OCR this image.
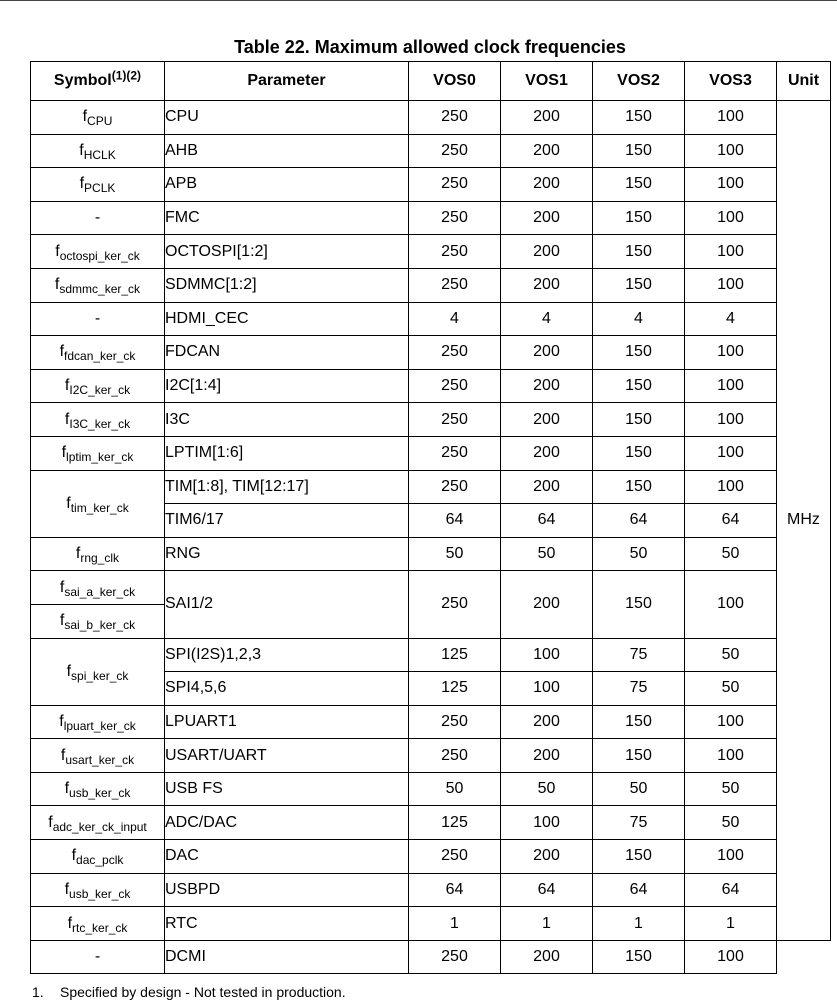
Table 22. Maximum allowed clock frequencies
Symbol$^{(1)(2)}$	Parameter	VOS0	VOS1	VOS2	VOS3	Unit
$f_{CPU}$	CPU	250	200	150	100	MHz
$f_{HCLK}$	AHB	250	200	150	100	
$f_{PCLK}$	APB	250	200	150	100	
-	FMC	250	200	150	100	
$f_{octospi\_ker\_ck}$	OCTOSPI[1:2]	250	200	150	100	
$f_{sdmmc\_ker\_ck}$	SDMMC[1:2]	250	200	150	100	
-	HDMI_CEC	4	4	4	4	
$f_{fdcan\_ker\_ck}$	FDCAN	250	200	150	100	
$f_{I2C\_ker\_ck}$	I2C[1:4]	250	200	150	100	
$f_{I3C\_ker\_ck}$	I3C	250	200	150	100	
$f_{lptim\_ker\_ck}$	LPTIM[1:6]	250	200	150	100	
$f_{tim\_ker\_ck}$	TIM[1:8], TIM[12:17]	250	200	150	100	
	TIM6/17	64	64	64	64	
$f_{rng\_clk}$	RNG	50	50	50	50	
$f_{sai\_a\_ker\_ck}$	SAI1/2	250	200	150	100	
$f_{sai\_b\_ker\_ck}$
$f_{spi\_ker\_ck}$	SPI(I2S)1,2,3	125	100	75	50	
	SPI4,5,6	125	100	75	50	
$f_{lpuart\_ker\_ck}$	LPUART1	250	200	150	100	
$f_{usart\_ker\_ck}$	USART/UART	250	200	150	100	
$f_{usb\_ker\_ck}$	USB FS	50	50	50	50	
$f_{adc\_ker\_ck\_input}$	ADC/DAC	125	100	75	50	
$f_{dac\_pclk}$	DAC	250	200	150	100	
$f_{usb\_ker\_ck}$	USBPD	64	64	64	64	
$f_{rtc\_ker\_ck}$	RTC	1	1	1	1	
-	DCMI	250	200	150	100	
1. Specified by design - Not tested in production.
